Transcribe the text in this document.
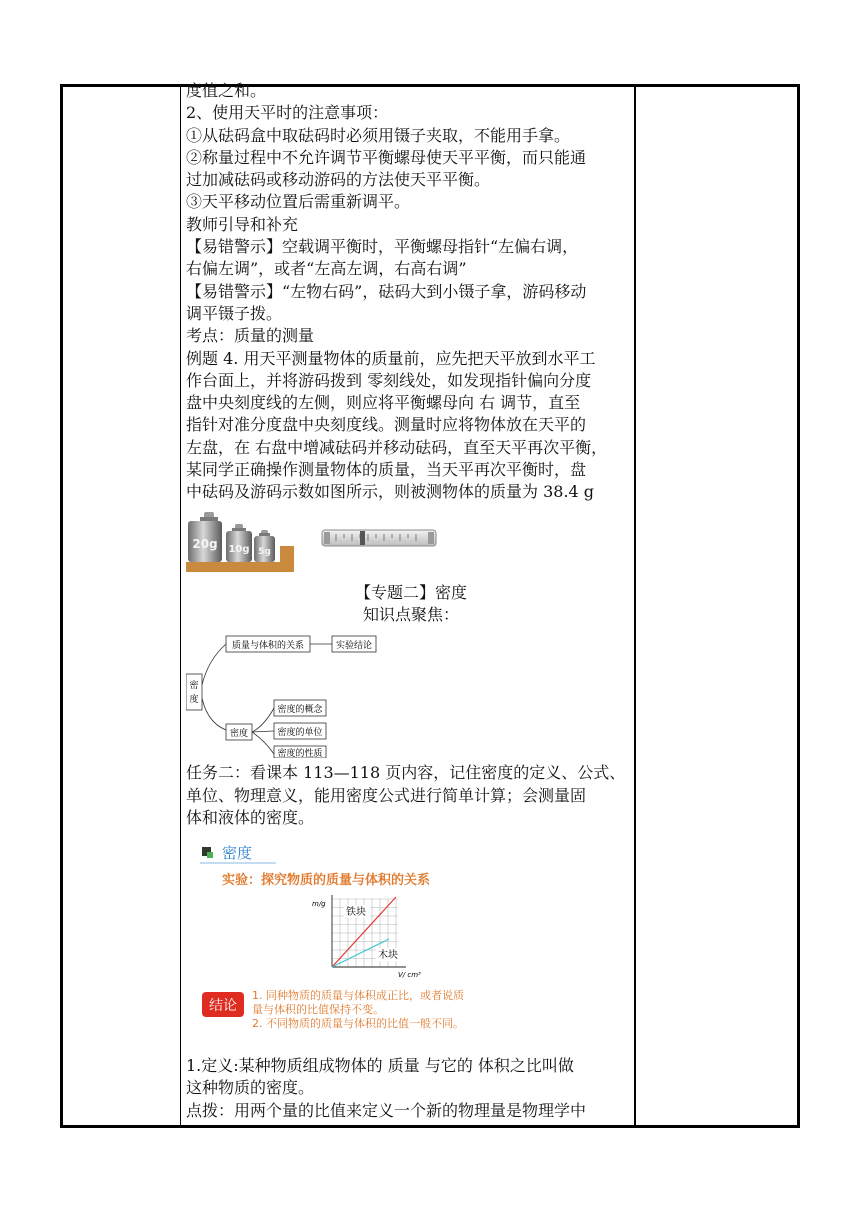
度值之和。

2、使用天平时的注意事项：

①从砝码盒中取砝码时必须用镊子夹取，不能用手拿。

②称量过程中不允许调节平衡螺母使天平平衡，而只能通

过加减砝码或移动游码的方法使天平平衡。

③天平移动位置后需重新调平。

教师引导和补充

【易错警示】空载调平衡时，平衡螺母指针“左偏右调，

右偏左调”，或者“左高左调，右高右调”

【易错警示】“左物右码”，砝码大到小镊子拿，游码移动

调平镊子拨。

考点：质量的测量

例题 4. 用天平测量物体的质量前，应先把天平放到水平工

作台面上，并将游码拨到 零刻线处，如发现指针偏向分度

盘中央刻度线的左侧，则应将平衡螺母向 右 调节，直至

指针对准分度盘中央刻度线。测量时应将物体放在天平的

左盘，在 右盘中增减砝码并移动砝码，直至天平再次平衡，

某同学正确操作测量物体的质量，当天平再次平衡时，盘

中砝码及游码示数如图所示，则被测物体的质量为 38.4 g

20g 10g 5g

【专题二】密度

知识点聚焦：

密
度
质量与体积的关系	实验结论
密度
密度的概念
密度的单位
密度的性质

任务二：看课本 113—118 页内容，记住密度的定义、公式、

单位、物理意义，能用密度公式进行简单计算；会测量固

体和液体的密度。

密度
实验：探究物质的质量与体积的关系
m/g
V/ cm³
铁块
木块
结论
1. 同种物质的质量与体积成正比，或者说质
量与体积的比值保持不变。
2. 不同物质的质量与体积的比值一般不同。

1.定义:某种物质组成物体的 质量 与它的 体积之比叫做

这种物质的密度。

点拨：用两个量的比值来定义一个新的物理量是物理学中
